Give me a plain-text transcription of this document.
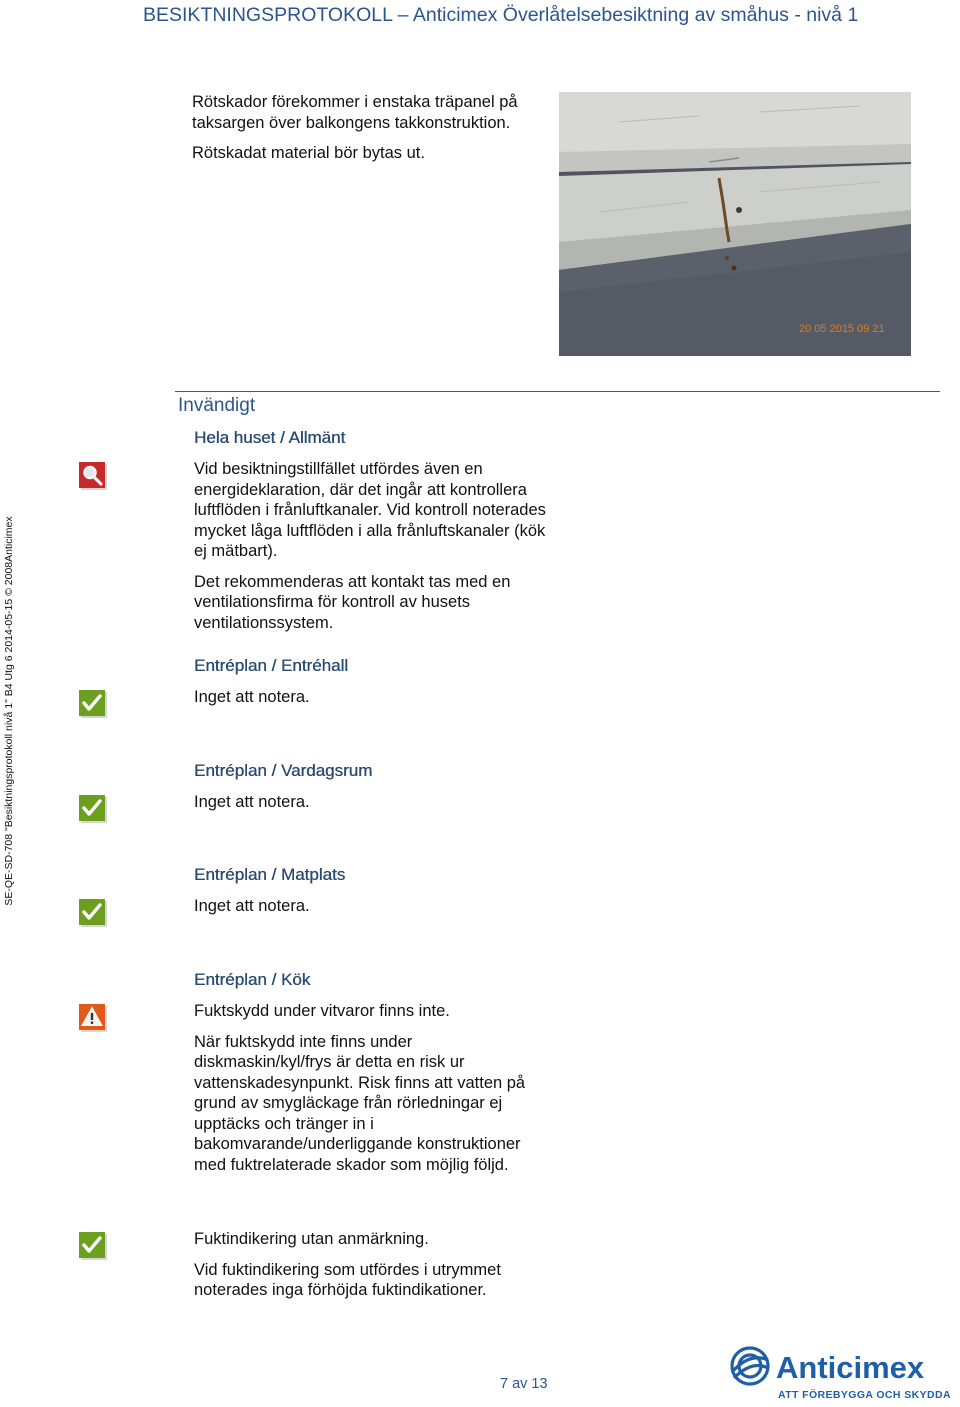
BESIKTNINGSPROTOKOLL – Anticimex Överlåtelsebesiktning av småhus - nivå 1
SE-QE-SD-708 "Besiktningsprotokoll nivå 1" B4 Utg 6 2014-05-15 © 2008Anticimex

Rötskador förekommer i enstaka träpanel på taksargen över balkongens takkonstruktion.

Rötskadat material bör bytas ut.

20 05 2015 09 21
Invändigt
Hela huset / Allmänt

Vid besiktningstillfället utfördes även en energideklaration, där det ingår att kontrollera luftflöden i frånluftkanaler. Vid kontroll noterades mycket låga luftflöden i alla frånluftskanaler (kök ej mätbart).

Det rekommenderas att kontakt tas med en ventilationsfirma för kontroll av husets ventilationssystem.

Entréplan / Entréhall

Inget att notera.

Entréplan / Vardagsrum

Inget att notera.

Entréplan / Matplats

Inget att notera.

Entréplan / Kök

Fuktskydd under vitvaror finns inte.

När fuktskydd inte finns under diskmaskin/kyl/frys är detta en risk ur vattenskadesynpunkt. Risk finns att vatten på grund av smygläckage från rörledningar ej upptäcks och tränger in i bakomvarande/underliggande konstruktioner med fuktrelaterade skador som möjlig följd.

Fuktindikering utan anmärkning.

Vid fuktindikering som utfördes i utrymmet noterades inga förhöjda fuktindikationer.

7 av 13	Anticimex
ATT FÖREBYGGA OCH SKYDDA
